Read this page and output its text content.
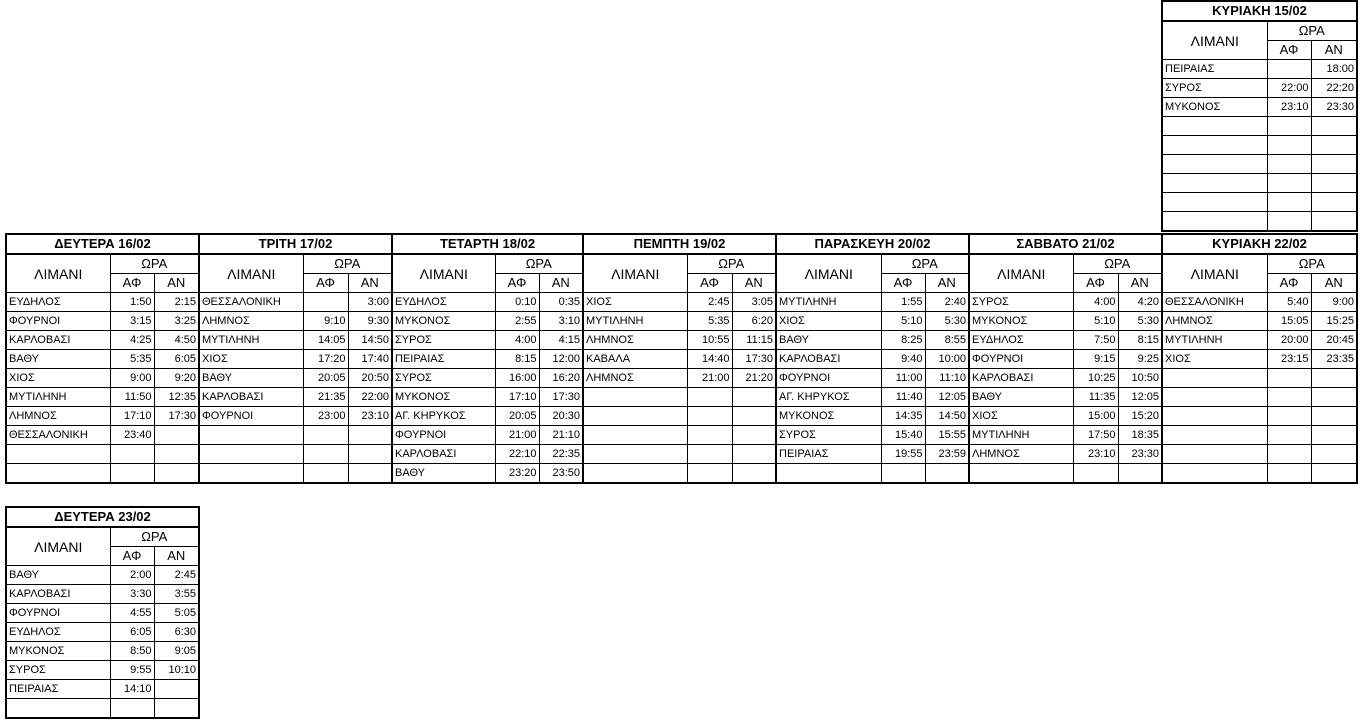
ΚΥΡΙΑΚΗ 15/02		
ΛΙΜΑΝΙ	ΩΡΑ	
	ΑΦ	ΑΝ
ΠΕΙΡΑΙΑΣ		18:00
ΣΥΡΟΣ	22:00	22:20
ΜΥΚΟΝΟΣ	23:10	23:30

ΔΕΥΤΕΡΑ 16/02		
ΛΙΜΑΝΙ	ΩΡΑ	
	ΑΦ	ΑΝ
ΕΥΔΗΛΟΣ	1:50	2:15
ΦΟΥΡΝΟΙ	3:15	3:25
ΚΑΡΛΟΒΑΣΙ	4:25	4:50
ΒΑΘΥ	5:35	6:05
ΧΙΟΣ	9:00	9:20
ΜΥΤΙΛΗΝΗ	11:50	12:35
ΛΗΜΝΟΣ	17:10	17:30
ΘΕΣΣΑΛΟΝΙΚΗ	23:40	

ΤΡΙΤΗ 17/02		
ΛΙΜΑΝΙ	ΩΡΑ	
	ΑΦ	ΑΝ
ΘΕΣΣΑΛΟΝΙΚΗ		3:00
ΛΗΜΝΟΣ	9:10	9:30
ΜΥΤΙΛΗΝΗ	14:05	14:50
ΧΙΟΣ	17:20	17:40
ΒΑΘΥ	20:05	20:50
ΚΑΡΛΟΒΑΣΙ	21:35	22:00
ΦΟΥΡΝΟΙ	23:00	23:10

ΤΕΤΑΡΤΗ 18/02		
ΛΙΜΑΝΙ	ΩΡΑ	
	ΑΦ	ΑΝ
ΕΥΔΗΛΟΣ	0:10	0:35
ΜΥΚΟΝΟΣ	2:55	3:10
ΣΥΡΟΣ	4:00	4:15
ΠΕΙΡΑΙΑΣ	8:15	12:00
ΣΥΡΟΣ	16:00	16:20
ΜΥΚΟΝΟΣ	17:10	17:30
ΑΓ. ΚΗΡΥΚΟΣ	20:05	20:30
ΦΟΥΡΝΟΙ	21:00	21:10
ΚΑΡΛΟΒΑΣΙ	22:10	22:35
ΒΑΘΥ	23:20	23:50
ΠΕΜΠΤΗ 19/02		
ΛΙΜΑΝΙ	ΩΡΑ	
	ΑΦ	ΑΝ
ΧΙΟΣ	2:45	3:05
ΜΥΤΙΛΗΝΗ	5:35	6:20
ΛΗΜΝΟΣ	10:55	11:15
ΚΑΒΑΛΑ	14:40	17:30
ΛΗΜΝΟΣ	21:00	21:20

ΠΑΡΑΣΚΕΥΗ 20/02		
ΛΙΜΑΝΙ	ΩΡΑ	
	ΑΦ	ΑΝ
ΜΥΤΙΛΗΝΗ	1:55	2:40
ΧΙΟΣ	5:10	5:30
ΒΑΘΥ	8:25	8:55
ΚΑΡΛΟΒΑΣΙ	9:40	10:00
ΦΟΥΡΝΟΙ	11:00	11:10
ΑΓ. ΚΗΡΥΚΟΣ	11:40	12:05
ΜΥΚΟΝΟΣ	14:35	14:50
ΣΥΡΟΣ	15:40	15:55
ΠΕΙΡΑΙΑΣ	19:55	23:59

ΣΑΒΒΑΤΟ 21/02		
ΛΙΜΑΝΙ	ΩΡΑ	
	ΑΦ	ΑΝ
ΣΥΡΟΣ	4:00	4:20
ΜΥΚΟΝΟΣ	5:10	5:30
ΕΥΔΗΛΟΣ	7:50	8:15
ΦΟΥΡΝΟΙ	9:15	9:25
ΚΑΡΛΟΒΑΣΙ	10:25	10:50
ΒΑΘΥ	11:35	12:05
ΧΙΟΣ	15:00	15:20
ΜΥΤΙΛΗΝΗ	17:50	18:35
ΛΗΜΝΟΣ	23:10	23:30

ΚΥΡΙΑΚΗ 22/02		
ΛΙΜΑΝΙ	ΩΡΑ	
	ΑΦ	ΑΝ
ΘΕΣΣΑΛΟΝΙΚΗ	5:40	9:00
ΛΗΜΝΟΣ	15:05	15:25
ΜΥΤΙΛΗΝΗ	20:00	20:45
ΧΙΟΣ	23:15	23:35

ΔΕΥΤΕΡΑ 23/02		
ΛΙΜΑΝΙ	ΩΡΑ	
	ΑΦ	ΑΝ
ΒΑΘΥ	2:00	2:45
ΚΑΡΛΟΒΑΣΙ	3:30	3:55
ΦΟΥΡΝΟΙ	4:55	5:05
ΕΥΔΗΛΟΣ	6:05	6:30
ΜΥΚΟΝΟΣ	8:50	9:05
ΣΥΡΟΣ	9:55	10:10
ΠΕΙΡΑΙΑΣ	14:10	
